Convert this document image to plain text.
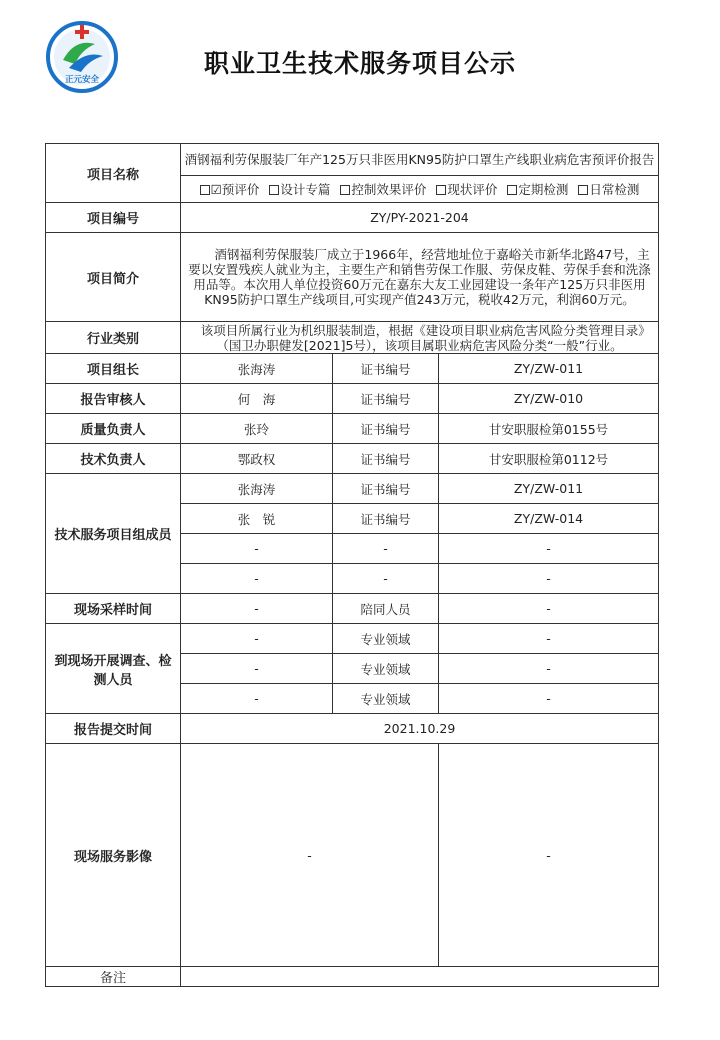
正元安全
职业卫生技术服务项目公示
项目名称	酒钢福利劳保服装厂年产125万只非医用KN95防护口罩生产线职业病危害预评价报告		
	☑预评价 设计专篇 控制效果评价 现状评价 定期检测 日常检测		
项目编号	ZY/PY-2021-204		
项目简介	酒钢福利劳保服装厂成立于1966年，经营地址位于嘉峪关市新华北路47号，主要以安置残疾人就业为主，主要生产和销售劳保工作服、劳保皮鞋、劳保手套和洗涤用品等。本次用人单位投资60万元在嘉东大友工业园建设一条年产125万只非医用KN95防护口罩生产线项目,可实现产值243万元，税收42万元，利润60万元。		
行业类别	该项目所属行业为机织服装制造，根据《建设项目职业病危害风险分类管理目录》（国卫办职健发[2021]5号），该项目属职业病危害风险分类“一般”行业。		
项目组长	张海涛	证书编号	ZY/ZW-011
报告审核人	何　海	证书编号	ZY/ZW-010
质量负责人	张玲	证书编号	甘安职服检第0155号
技术负责人	鄂政权	证书编号	甘安职服检第0112号
技术服务项目组成员	张海涛	证书编号	ZY/ZW-011
	张　锐	证书编号	ZY/ZW-014
	-	-	-
	-	-	-
现场采样时间	-	陪同人员	-
到现场开展调查、检测人员	-	专业领域	-
	-	专业领域	-
	-	专业领域	-
报告提交时间	2021.10.29		
现场服务影像	-		-
备注			
